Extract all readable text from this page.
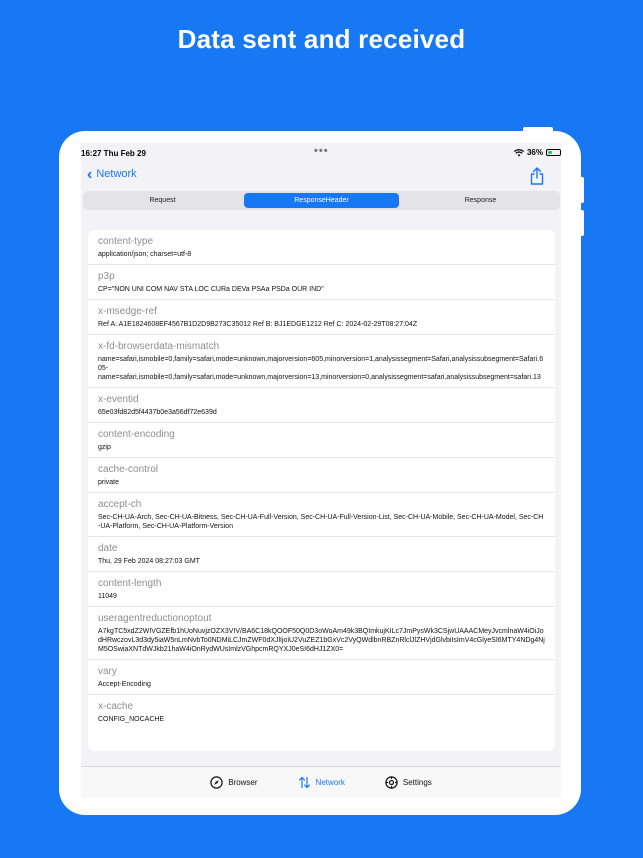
Data sent and received
16:27 Thu Feb 29	•••	36%
‹ Network
Request	ResponseHeader	Response
content-type
application/json; charset=utf-8
p3p
CP="NON UNI COM NAV STA LOC CURa DEVa PSAa PSDa OUR IND"
x-msedge-ref
Ref A: A1E1824608EF4567B1D2D9B273C35012 Ref B: BJ1EDGE1212 Ref C: 2024-02-29T08:27:04Z
x-fd-browserdata-mismatch
name=safari,ismobile=0,family=safari,mode=unknown,majorversion=605,minorversion=1,analysissegment=Safari,analysissubsegment=Safari.605-
name=safari,ismobile=0,family=safari,mode=unknown,majorversion=13,minorversion=0,analysissegment=safari,analysissubsegment=safari.13
x-eventid
65e03fd82d5f4437b0e3a56df72e639d
content-encoding
gzip
cache-control
private
accept-ch
Sec-CH-UA-Arch, Sec-CH-UA-Bitness, Sec-CH-UA-Full-Version, Sec-CH-UA-Full-Version-List, Sec-CH-UA-Mobile, Sec-CH-UA-Model, Sec-CH-UA-Platform, Sec-CH-UA-Platform-Version
date
Thu, 29 Feb 2024 08:27:03 GMT
content-length
11049
useragentreductionoptout
A7kgTC5xdZ2WIVGZEfb1hUoNuvjzOZX3VIV/BA6C18kQOOF50Q0D3oWoAm49k3BQImkujKILc7JmPysWk3CSjwUAAACMeyJvcmlnaW4iOiJodHRwczovL3d3dy5iaW5nLmNvbTo0NDMiLCJmZWF0dXJlIjoiU2VuZEZ1bGxVc2VyQWdlbnRBZnRlclJlZHVjdGlvbiIsImV4cGlyeSI6MTY4NDg4NjM5OSwiaXNTdWJkb21haW4iOnRydWUsImlzVGhpcmRQYXJ0eSI6dHJ1ZX0=
vary
Accept-Encoding
x-cache
CONFIG_NOCACHE
Browser	Network	Settings
